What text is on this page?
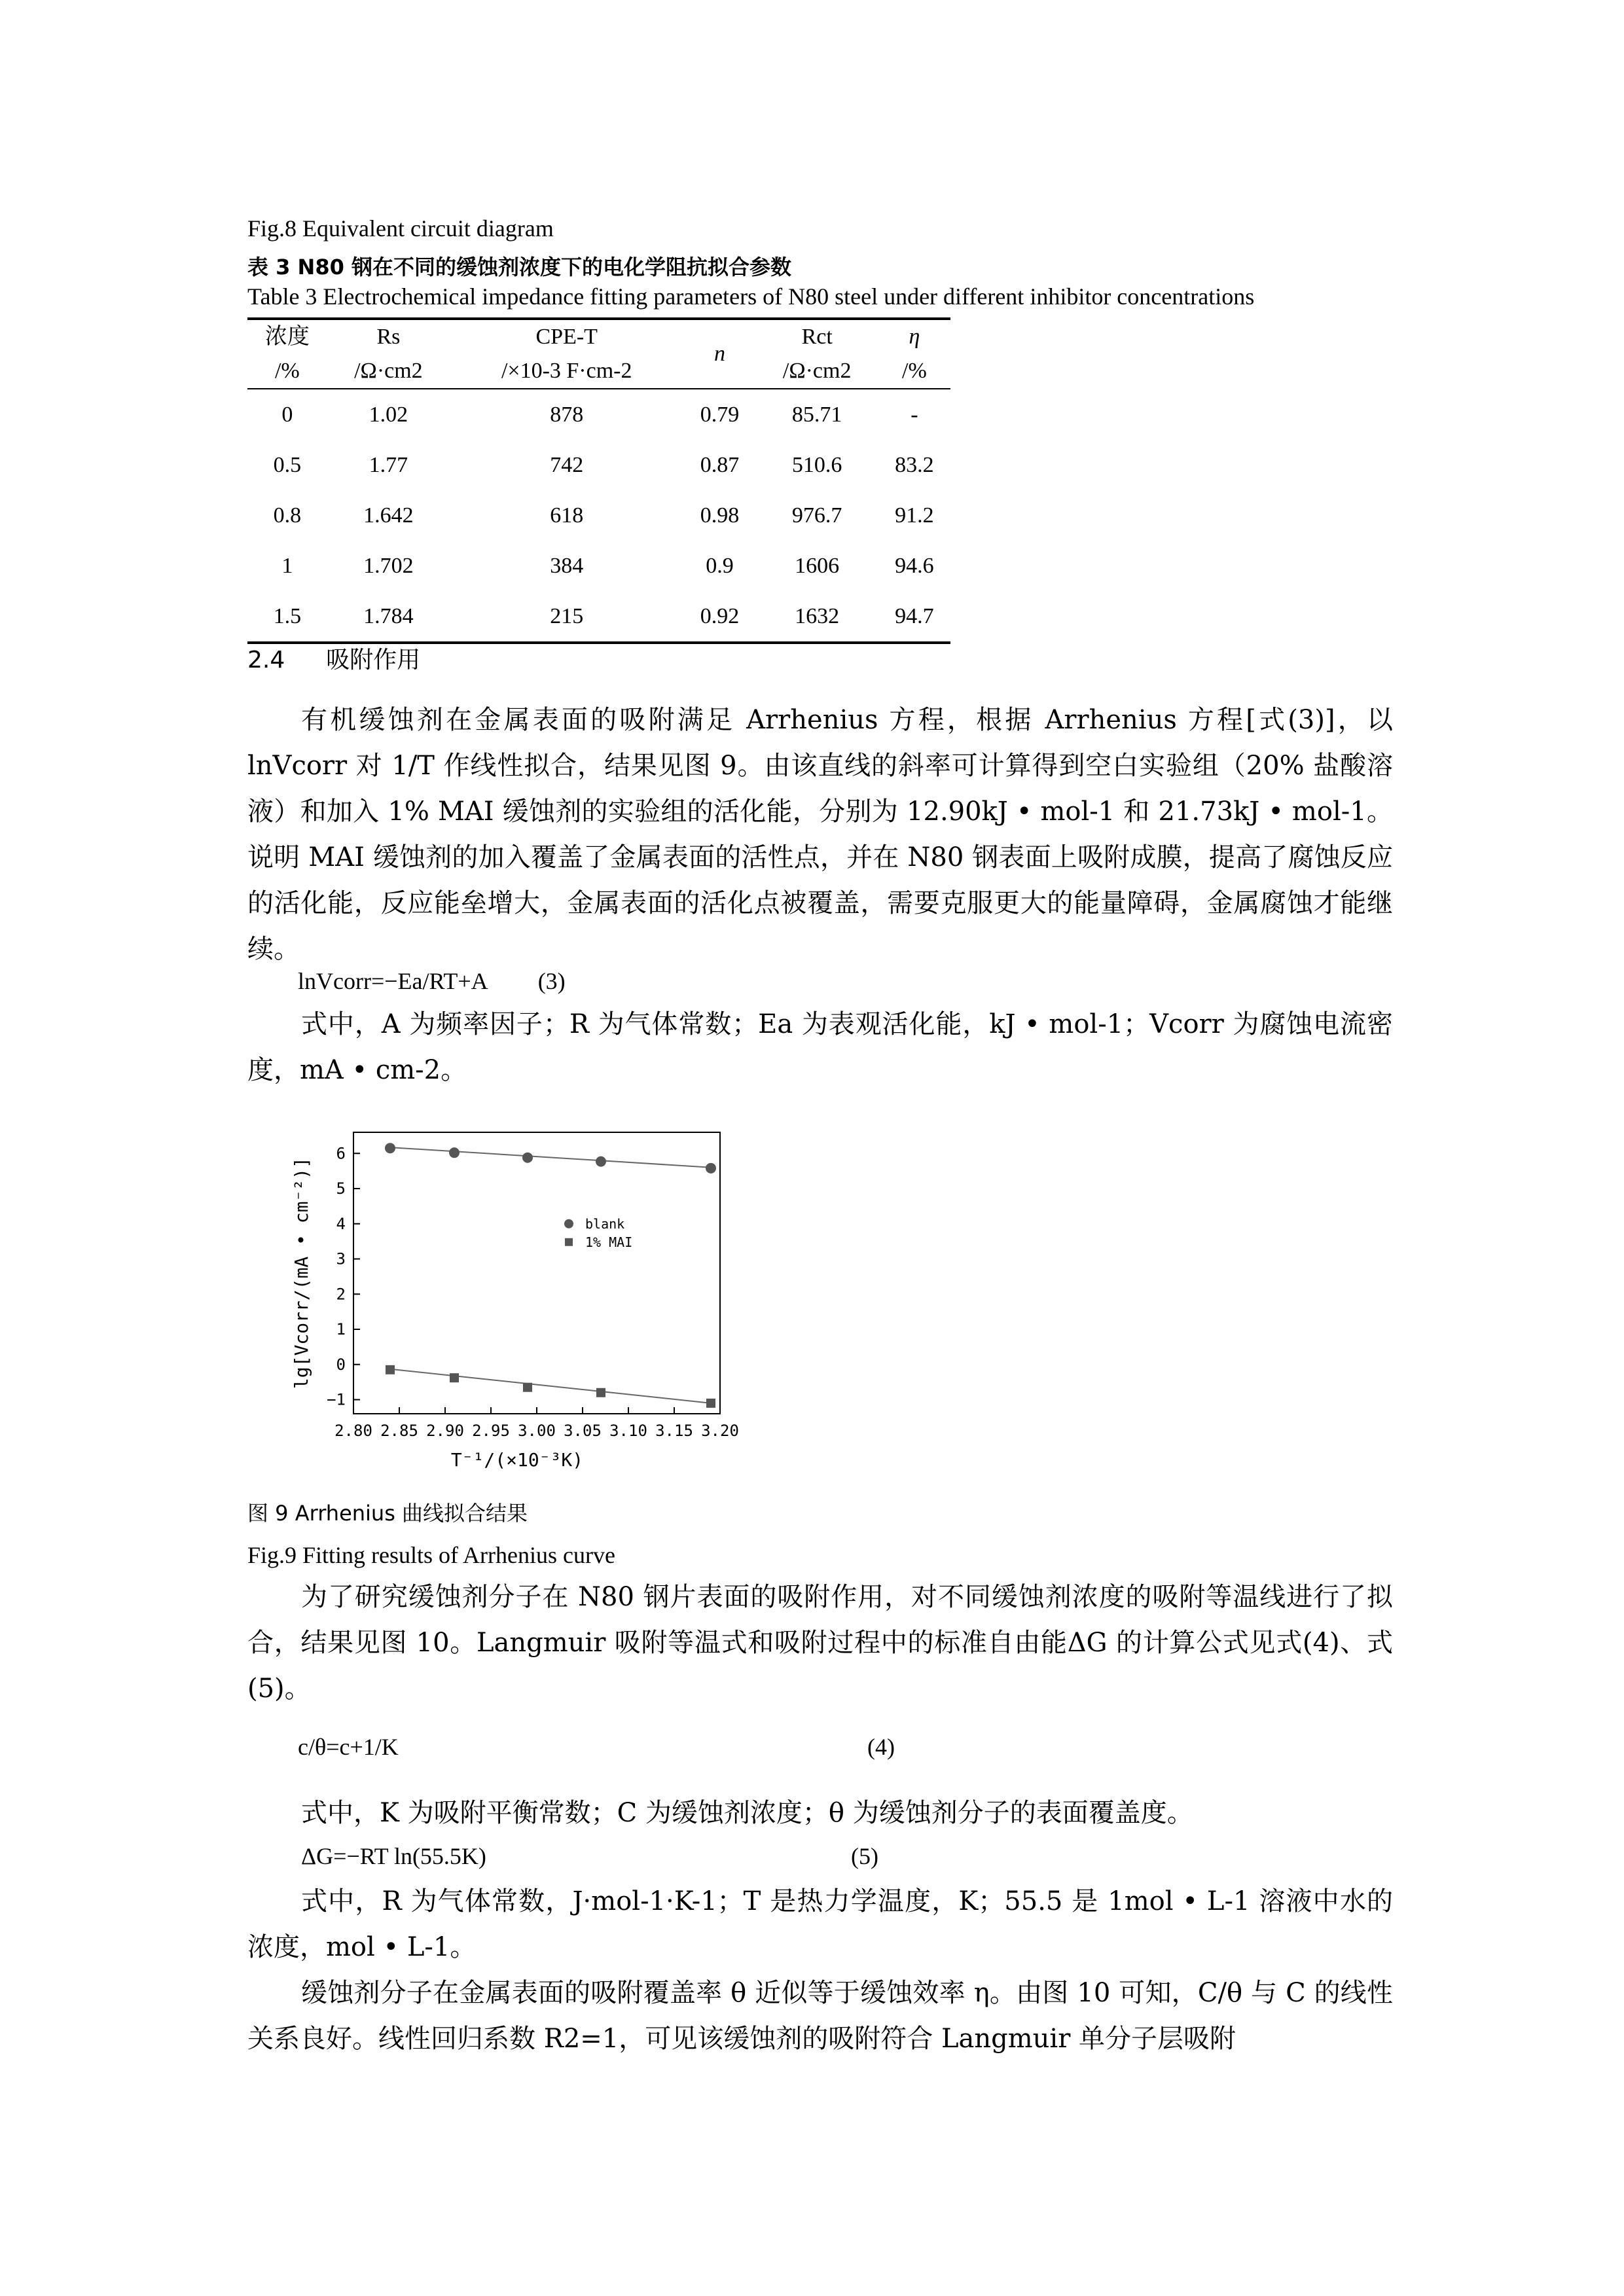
Fig.8 Equivalent circuit diagram
表 3 N80 钢在不同的缓蚀剂浓度下的电化学阻抗拟合参数
Table 3 Electrochemical impedance fitting parameters of N80 steel under different inhibitor concentrations
浓度	Rs	CPE-T	n	Rct	η
/%	/Ω·cm2	/×10-3 F·cm-2		/Ω·cm2	/%
0	1.02	878	0.79	85.71	-
0.5	1.77	742	0.87	510.6	83.2
0.8	1.642	618	0.98	976.7	91.2
1	1.702	384	0.9	1606	94.6
1.5	1.784	215	0.92	1632	94.7
2.4 吸附作用

有机缓蚀剂在金属表面的吸附满足 Arrhenius 方程，根据 Arrhenius 方程[式(3)]，以 lnVcorr 对 1/T 作线性拟合，结果见图 9。由该直线的斜率可计算得到空白实验组（20% 盐酸溶液）和加入 1% MAI 缓蚀剂的实验组的活化能，分别为 12.90kJ • mol-1 和 21.73kJ • mol-1。说明 MAI 缓蚀剂的加入覆盖了金属表面的活性点，并在 N80 钢表面上吸附成膜，提高了腐蚀反应的活化能，反应能垒增大，金属表面的活化点被覆盖，需要克服更大的能量障碍，金属腐蚀才能继续。

lnVcorr=−Ea/RT+A (3)

式中，A 为频率因子；R 为气体常数；Ea 为表观活化能，kJ • mol-1；Vcorr 为腐蚀电流密度，mA • cm-2。

2.80 2.85 2.90 2.95 3.00 3.05 3.10 3.15 3.20
−1
0
1
2
3
4
5
6
T⁻¹/(×10⁻³K)
lg[Vcorr/(mA • cm⁻²)]	blank
1% MAI
图 9 Arrhenius 曲线拟合结果
Fig.9 Fitting results of Arrhenius curve

为了研究缓蚀剂分子在 N80 钢片表面的吸附作用，对不同缓蚀剂浓度的吸附等温线进行了拟合，结果见图 10。Langmuir 吸附等温式和吸附过程中的标准自由能ΔG 的计算公式见式(4)、式(5)。

c/θ=c+1/K	(4)

式中，K 为吸附平衡常数；C 为缓蚀剂浓度；θ 为缓蚀剂分子的表面覆盖度。

ΔG=−RT ln(55.5K)	(5)

式中，R 为气体常数，J·mol-1·K-1；T 是热力学温度，K；55.5 是 1mol • L-1 溶液中水的浓度，mol • L-1。

缓蚀剂分子在金属表面的吸附覆盖率 θ 近似等于缓蚀效率 η。由图 10 可知，C/θ 与 C 的线性关系良好。线性回归系数 R2=1，可见该缓蚀剂的吸附符合 Langmuir 单分子层吸附
